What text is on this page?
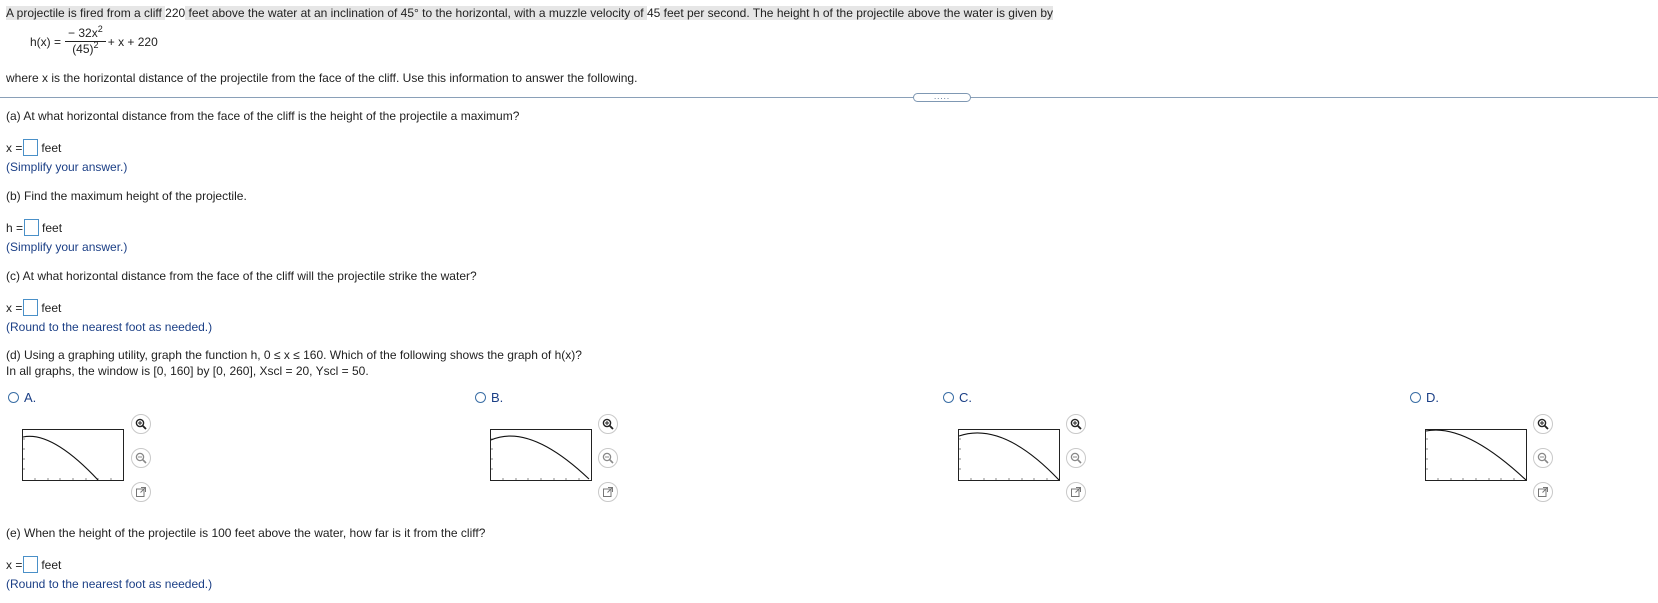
A projectile is fired from a cliff 220 feet above the water at an inclination of 45° to the horizontal, with a muzzle velocity of 45 feet per second. The height h of the projectile above the water is given by
$h(x) = \frac{- 32x^2}{(45)^2} + x + 220$
where x is the horizontal distance of the projectile from the face of the cliff. Use this information to answer the following.
.....
(a) At what horizontal distance from the face of the cliff is the height of the projectile a maximum?
x = feet
(Simplify your answer.)
(b) Find the maximum height of the projectile.
h = feet
(Simplify your answer.)
(c) At what horizontal distance from the face of the cliff will the projectile strike the water?
x = feet
(Round to the nearest foot as needed.)
(d) Using a graphing utility, graph the function h, 0 ≤ x ≤ 160. Which of the following shows the graph of h(x)?
In all graphs, the window is [0, 160] by [0, 260], Xscl = 20, Yscl = 50.
A.	B.	C.	D.
(e) When the height of the projectile is 100 feet above the water, how far is it from the cliff?
x = feet
(Round to the nearest foot as needed.)
